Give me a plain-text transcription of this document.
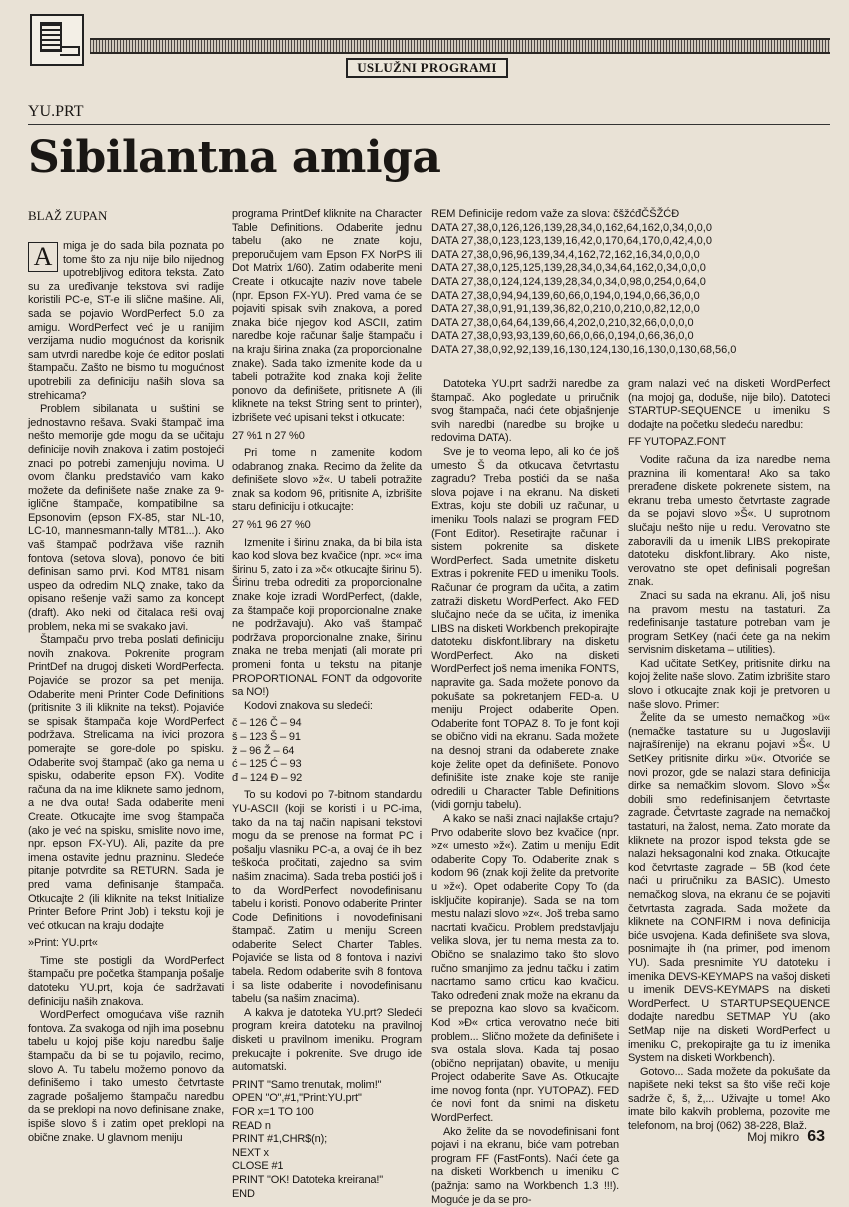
USLUŽNI PROGRAMI
YU.PRT
Sibilantna amiga
BLAŽ ZUPAN

A miga je do sada bila poznata po tome što za nju nije bilo nijednog upotrebljivog editora teksta. Zato su za uređivanje tekstova svi radije koristili PC-e, ST-e ili slične mašine. Ali, sada se pojavio WordPerfect 5.0 za amigu. WordPerfect već je u ranijim verzijama nudio mogućnost da korisnik sam utvrdi naredbe koje će editor poslati štampaču. Zašto ne bismo tu mogućnost upotrebili za definiciju naših slova sa strehicama?

Problem sibilanata u suštini se jednostavno rešava. Svaki štampač ima nešto memorije gde mogu da se učitaju definicije novih znakova i zatim postojeći znaci po potrebi zamenjuju novima. U ovom članku predstavićo vam kako možete da definišete naše znake za 9-igličnе štampače, kompatibilne sa Epsonovim (epson FX-85, star NL-10, LC-10, mannesmann-tally MT81...). Ako vaš štampač podržava više raznih fontova (setova slova), ponovo će biti definisan samo prvi. Kod MT81 nisam uspeo da odredim NLQ znake, tako da opisano rešenje važi samo za koncept (draft). Ako neki od čitalaca reši ovaj problem, neka mi se svakako javi.

Štampaču prvo treba poslati definiciju novih znakova. Pokrenite program PrintDef na drugoj disketi WordPerfecta. Pojaviće se prozor sa pet menija. Odaberite meni Printer Code Definitions (pritisnite 3 ili kliknite na tekst). Pojaviće se spisak štampača koje WordPerfect podržava. Strelicama na ivici prozora pomerajte se gore-dole po spisku. Odaberite svoj štampač (ako ga nema u spisku, odaberite epson FX). Vodite računa da na ime kliknete samo jednom, a ne dva outa! Sada odaberite meni Create. Otkucajte ime svog štampača (ako je već na spisku, smislite novo ime, npr. epson FX-YU). Ali, pazite da pre imena ostavite jednu prazninu. Sledeće pitanje potvrdite sa RETURN. Sada je pred vama definisanje štampača. Otkucajte 2 (ili kliknite na tekst Initialize Printer Before Print Job) i tekstu koji je već otkucan na kraju dodajte

»Print: YU.prt«

Time ste postigli da WordPerfect štampaču pre početka štampanja pošalje datoteku YU.prt, koja će sadržavati definiciju naših znakova.

WordPerfect omogućava više raznih fontova. Za svakoga od njih ima posebnu tabelu u kojoj piše koju naredbu šalje štampaču da bi se tu pojavilo, recimo, slovo A. Tu tabelu možemo ponovo da definišemo i tako umesto četvrtaste zagrade pošaljemo štampaču naredbu da se preklopi na novo definisane znake, ispiše slovo š i zatim opet preklopi na obične znake. U glavnom meniju

programa PrintDef kliknite na Character Table Definitions. Odaberite jednu tabelu (ako ne znate koju, preporučujem vam Epson FX NorPS ili Dot Matrix 1/60). Zatim odaberite meni Create i otkucajte naziv nove tabele (npr. Epson FX-YU). Pred vama će se pojaviti spisak svih znakova, a pored znaka biće njegov kod ASCII, zatim naredbe koje računar šalje štampaču i na kraju širina znaka (za proporcionalne znake). Sada tako izmenite kode da u tabeli potražite kod znaka koji želite ponovo da definišete, pritisnete A (ili kliknete na tekst String sent to printer), izbrišete već upisani tekst i otkucate:

27 %1 n 27 %0

Pri tome n zamenite kodom odabranog znaka. Recimo da želite da definišete slovo »ž«. U tabeli potražite znak sa kodom 96, pritisnite A, izbrišite staru definiciju i otkucajte:

27 %1 96 27 %0

Izmenite i širinu znaka, da bi bila ista kao kod slova bez kvačice (npr. »c« ima širinu 5, zato i za »č« otkucajte širinu 5). Širinu treba odrediti za proporcionalne znake koje izradi WordPerfect, (dakle, za štampače koji proporcionalne znake ne podržavaju). Ako vaš štampač podržava proporcionalne znake, širinu znaka ne treba menjati (ali morate pri promeni fonta u tekstu na pitanje PROPORTIONAL FONT da odgovorite sa NO!)

Kodovi znakova su sledeći:

č – 126 Č – 94
š – 123 Š – 91
ž – 96 Ž – 64
ć – 125 Ć – 93
đ – 124 Đ – 92

To su kodovi po 7-bitnom standardu YU-ASCII (koji se koristi i u PC-ima, tako da na taj način napisani tekstovi mogu da se prenose na format PC i pošalju vlasniku PC-a, a ovaj će ih bez teškoća pročitati, zajedno sa svim našim znacima). Sada treba postići još i to da WordPerfect novodefinisanu tabelu i koristi. Ponovo odaberite Printer Code Definitions i novodefinisani štampač. Zatim u meniju Screen odaberite Select Charter Tables. Pojaviće se lista od 8 fontova i nazivi tabela. Redom odaberite svih 8 fontova i sa liste odaberite i novodefinisanu tabelu (sa našim znacima).

A kakva je datoteka YU.prt? Sledeći program kreira datoteku na pravilnoj disketi u pravilnom imeniku. Program prekucajte i pokrenite. Sve drugo ide automatski.

PRINT "Samo trenutak, molim!"
OPEN "O",#1,"Print:YU.prt"
FOR x=1 TO 100
READ n
PRINT #1,CHR$(n);
NEXT x
CLOSE #1
PRINT "OK! Datoteka kreirana!"
END

REM Definicije redom važe za slova: čšžćđČŠŽĆĐ
DATA 27,38,0,126,126,139,28,34,0,162,64,162,0,34,0,0,0
DATA 27,38,0,123,123,139,16,42,0,170,64,170,0,42,4,0,0
DATA 27,38,0,96,96,139,34,4,162,72,162,16,34,0,0,0,0
DATA 27,38,0,125,125,139,28,34,0,34,64,162,0,34,0,0,0
DATA 27,38,0,124,124,139,28,34,0,34,0,98,0,254,0,64,0
DATA 27,38,0,94,94,139,60,66,0,194,0,194,0,66,36,0,0
DATA 27,38,0,91,91,139,36,82,0,210,0,210,0,82,12,0,0
DATA 27,38,0,64,64,139,66,4,202,0,210,32,66,0,0,0,0
DATA 27,38,0,93,93,139,60,66,0,66,0,194,0,66,36,0,0
DATA 27,38,0,92,92,139,16,130,124,130,16,130,0,130,68,56,0

Datoteka YU.prt sadrži naredbe za štampač. Ako pogledate u priručnik svog štampača, naći ćete objašnjenje svih naredbi (naredbe su brojke u redovima DATA).

Sve je to veoma lepo, ali ko će još umesto Š da otkucava četvrtastu zagradu? Treba postići da se naša slova pojave i na ekranu. Na disketi Extras, koju ste dobili uz računar, u imeniku Tools nalazi se program FED (Font Editor). Resetirajte računar i sistem pokrenite sa diskete WordPerfect. Sada umetnite disketu Extras i pokrenite FED u imeniku Tools. Računar će program da učita, a zatim zatraži disketu WordPerfect. Ako FED slučajno neće da se učita, iz imenika LIBS na disketi Workbench prekopirajte datoteku diskfont.library na disketu WordPerfect. Ako na disketi WordPerfect još nema imenika FONTS, napravite ga. Sada možete ponovo da pokušate sa pokretanjem FED-a. U meniju Project odaberite Open. Odaberite font TOPAZ 8. To je font koji se obično vidi na ekranu. Sada možete na desnoj strani da odaberete znake koje želite opet da definišete. Ponovo definišite iste znake koje ste ranije odredili u Character Table Definitions (vidi gornju tabelu).

A kako se naši znaci najlakše crtaju? Prvo odaberite slovo bez kvačice (npr. »z« umesto »ž«). Zatim u meniju Edit odaberite Copy To. Odaberite znak s kodom 96 (znak koji želite da pretvorite u »ž«). Opet odaberite Copy To (da isključite kopiranje). Sada se na tom mestu nalazi slovo »z«. Još treba samo nacrtati kvačicu. Problem predstavljaju velika slova, jer tu nema mesta za to. Obično se snalazimo tako što slovo ručno smanjimo za jednu tačku i zatim nacrtamo samo crticu kao kvačicu. Tako određeni znak može na ekranu da se prepozna kao slovo sa kvačicom. Kod »Đ« crtica verovatno neće biti problem... Slično možete da definišete i sva ostala slova. Kada taj posao (obično neprijatan) obavite, u meniju Project odaberite Save As. Otkucajte ime novog fonta (npr. YUTOPAZ). FED će novi font da snimi na disketu WordPerfect.

Ako želite da se novodefinisani font pojavi i na ekranu, biće vam potreban program FF (FastFonts). Naći ćete ga na disketi Workbench u imeniku C (pažnja: samo na Workbench 1.3 !!!). Moguće je da se pro-

gram nalazi već na disketi WordPerfect (na mojoj ga, doduše, nije bilo). Datoteci STARTUP-SEQUENCE u imeniku S dodajte na početku sledeću naredbu:

FF YUTOPAZ.FONT

Vodite računa da iza naredbe nema praznina ili komentara! Ako sa tako prerađene diskete pokrenete sistem, na ekranu treba umesto četvrtaste zagrade da se pojavi slovo »Š«. U suprotnom slučaju nešto nije u redu. Verovatno ste zaboravili da u imenik LIBS prekopirate datoteku diskfont.library. Ako niste, verovatno ste opet definisali pogrešan znak.

Znaci su sada na ekranu. Ali, još nisu na pravom mestu na tastaturi. Za redefinisanje tastature potreban vam je program SetKey (naći ćete ga na nekim servisnim disketama – utilities).

Kad učitate SetKey, pritisnite dirku na kojoj želite naše slovo. Zatim izbrišite staro slovo i otkucajte znak koji je pretvoren u naše slovo. Primer:

Želite da se umesto nemačkog »ü« (nemačke tastature su u Jugoslaviji najrašírenije) na ekranu pojavi »Š«. U SetKey pritisnite dirku »ü«. Otvoriće se novi prozor, gde se nalazi stara definicija dirke sa nemačkim slovom. Slovo »Š« dobili smo redefinisanjem četvrtaste zagrade. Četvrtaste zagrade na nemačkoj tastaturi, na žalost, nema. Zato morate da kliknete na prozor ispod teksta gde se nalazi heksagonalni kod znaka. Otkucajte kod četvrtaste zagrade – 5B (kod ćete naći u priručniku za BASIC). Umesto nemačkog slova, na ekranu će se pojaviti četvrtasta zagrada. Sada možete da kliknete na CONFIRM i nova definicija biće usvojena. Kada definišete sva slova, posnimajte ih (na primer, pod imenom YU). Sada presnimite YU datoteku i imenika DEVS-KEYMAPS na vašoj disketi u imenik DEVS-KEYMAPS na disketi WordPerfect. U STARTUPSEQUENCE dodajte naredbu SETMAP YU (ako SetMap nije na disketi WordPerfect u imeniku C, prekopirajte ga tu iz imenika System na disketi Workbench).

Gotovo... Sada možete da pokušate da napišete neki tekst sa što više reči koje sadrže č, š, ž,... Uživajte u tome! Ako imate bilo kakvih problema, pozovite me telefonom, na broj (062) 38-228, Blaž.

Moj mikro 63
